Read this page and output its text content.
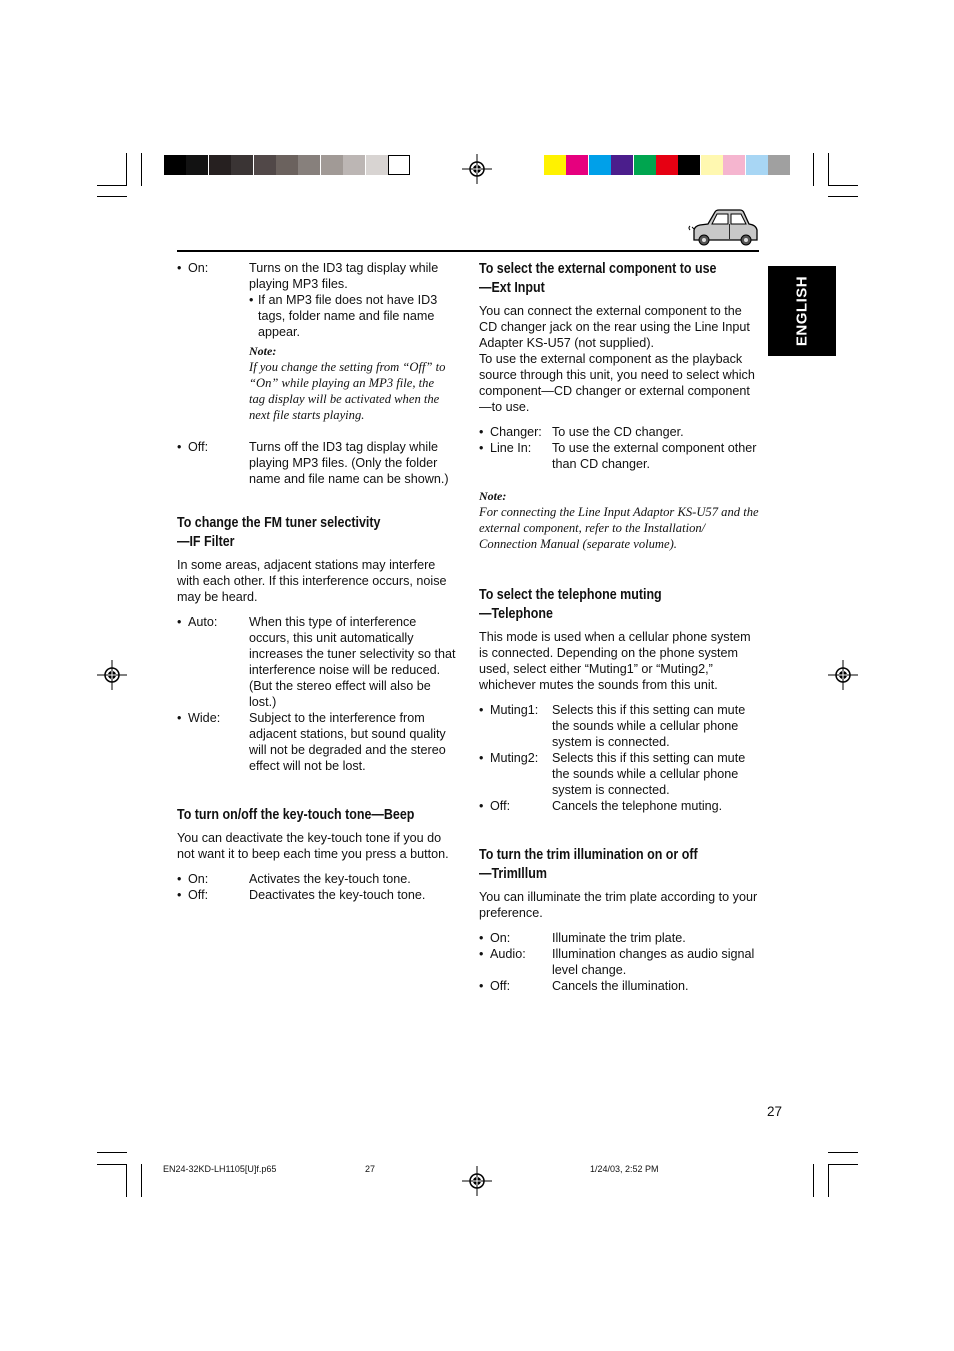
ENGLISH
• On:	Turns on the ID3 tag display while playing MP3 files.
• If an MP3 file does not have ID3 tags, folder name and file name appear.
Note:
If you change the setting from “Off” to “On” while playing an MP3 file, the tag display will be activated when the next file starts playing.
• Off:	Turns off the ID3 tag display while playing MP3 files. (Only the folder name and file name can be shown.)
To change the FM tuner selectivity
—IF Filter

In some areas, adjacent stations may interfere with each other. If this interference occurs, noise may be heard.

• Auto:	When this type of interference occurs, this unit automatically increases the tuner selectivity so that interference noise will be reduced. (But the stereo effect will also be lost.)
• Wide:	Subject to the interference from adjacent stations, but sound quality will not be degraded and the stereo effect will not be lost.
To turn on/off the key-touch tone—Beep

You can deactivate the key-touch tone if you do not want it to beep each time you press a button.

• On:	Activates the key-touch tone.
• Off:	Deactivates the key-touch tone.
To select the external component to use
—Ext Input

You can connect the external component to the CD changer jack on the rear using the Line Input Adapter KS-U57 (not supplied).

To use the external component as the playback source through this unit, you need to select which component—CD changer or external component—to use.

• Changer: To use the CD changer.
• Line In:	To use the external component other than CD changer.
Note:
For connecting the Line Input Adaptor KS-U57 and the external component, refer to the Installation/ Connection Manual (separate volume).
To select the telephone muting
—Telephone

This mode is used when a cellular phone system is connected. Depending on the phone system used, select either “Muting1” or “Muting2,” whichever mutes the sounds from this unit.

• Muting1:	Selects this if this setting can mute the sounds while a cellular phone system is connected.
• Muting2:	Selects this if this setting can mute the sounds while a cellular phone system is connected.
• Off:	Cancels the telephone muting.
To turn the trim illumination on or off
—TrimIllum

You can illuminate the trim plate according to your preference.

• On:	Illuminate the trim plate.
• Audio:	Illumination changes as audio signal level change.
• Off:	Cancels the illumination.
27
EN24-32KD-LH1105[U]f.p65	27	1/24/03, 2:52 PM
